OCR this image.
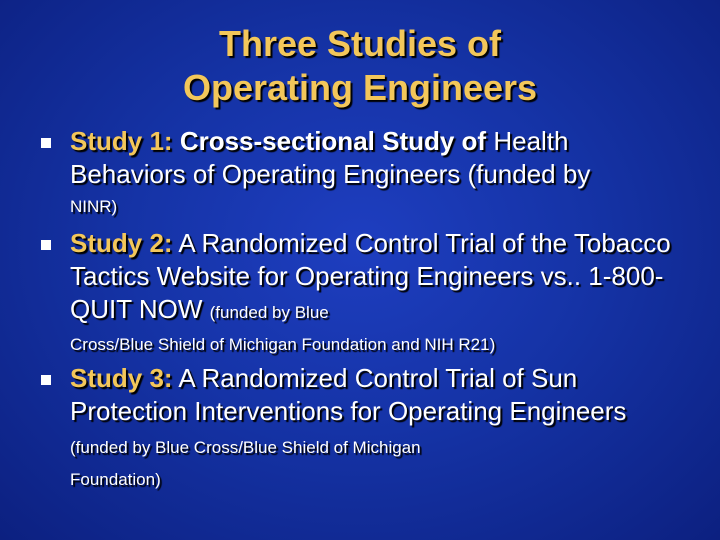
Three Studies of
Operating Engineers
Study 1: Cross-sectional Study of Health Behaviors of Operating Engineers (funded by
NINR)
Study 2: A Randomized Control Trial of the Tobacco Tactics Website for Operating Engineers vs.. 1-800-QUIT NOW (funded by Blue
Cross/Blue Shield of Michigan Foundation and NIH R21)
Study 3: A Randomized Control Trial of Sun Protection Interventions for Operating Engineers (funded by Blue Cross/Blue Shield of Michigan
Foundation)
